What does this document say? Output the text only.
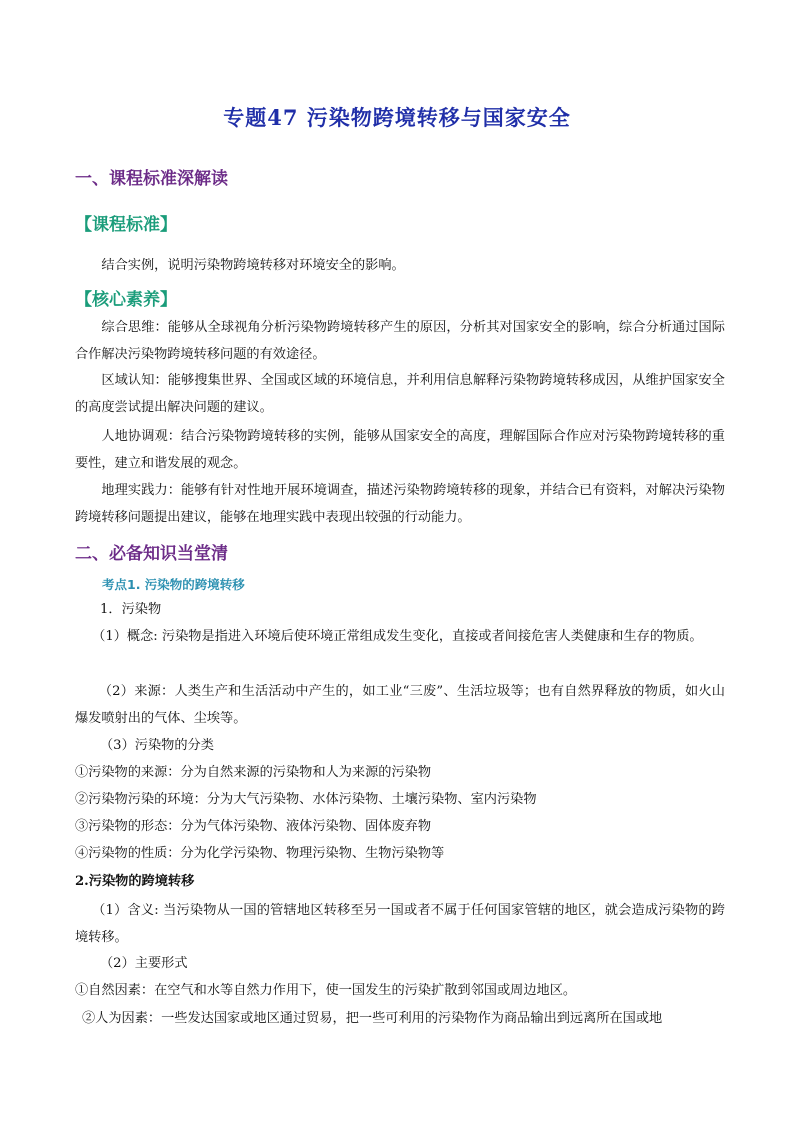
专题47 污染物跨境转移与国家安全
一、课程标准深解读
【课程标准】
结合实例，说明污染物跨境转移对环境安全的影响。
【核心素养】
综合思维：能够从全球视角分析污染物跨境转移产生的原因，分析其对国家安全的影响，综合分析通过国际合作解决污染物跨境转移问题的有效途径。
区域认知：能够搜集世界、全国或区域的环境信息，并利用信息解释污染物跨境转移成因，从维护国家安全的高度尝试提出解决问题的建议。
人地协调观：结合污染物跨境转移的实例，能够从国家安全的高度，理解国际合作应对污染物跨境转移的重要性，建立和谐发展的观念。
地理实践力：能够有针对性地开展环境调查，描述污染物跨境转移的现象，并结合已有资料，对解决污染物跨境转移问题提出建议，能够在地理实践中表现出较强的行动能力。
二、必备知识当堂清
考点1. 污染物的跨境转移
1．污染物
（1）概念: 污染物是指进入环境后使环境正常组成发生变化，直接或者间接危害人类健康和生存的物质。
（2）来源：人类生产和生活活动中产生的，如工业“三废”、生活垃圾等；也有自然界释放的物质，如火山爆发喷射出的气体、尘埃等。
（3）污染物的分类
①污染物的来源：分为自然来源的污染物和人为来源的污染物
②污染物污染的环境：分为大气污染物、水体污染物、土壤污染物、室内污染物
③污染物的形态：分为气体污染物、液体污染物、固体废弃物
④污染物的性质：分为化学污染物、物理污染物、生物污染物等
2.污染物的跨境转移
（1）含义: 当污染物从一国的管辖地区转移至另一国或者不属于任何国家管辖的地区，就会造成污染物的跨境转移。
（2）主要形式
①自然因素：在空气和水等自然力作用下，使一国发生的污染扩散到邻国或周边地区。
②人为因素：一些发达国家或地区通过贸易，把一些可利用的污染物作为商品输出到远离所在国或地
